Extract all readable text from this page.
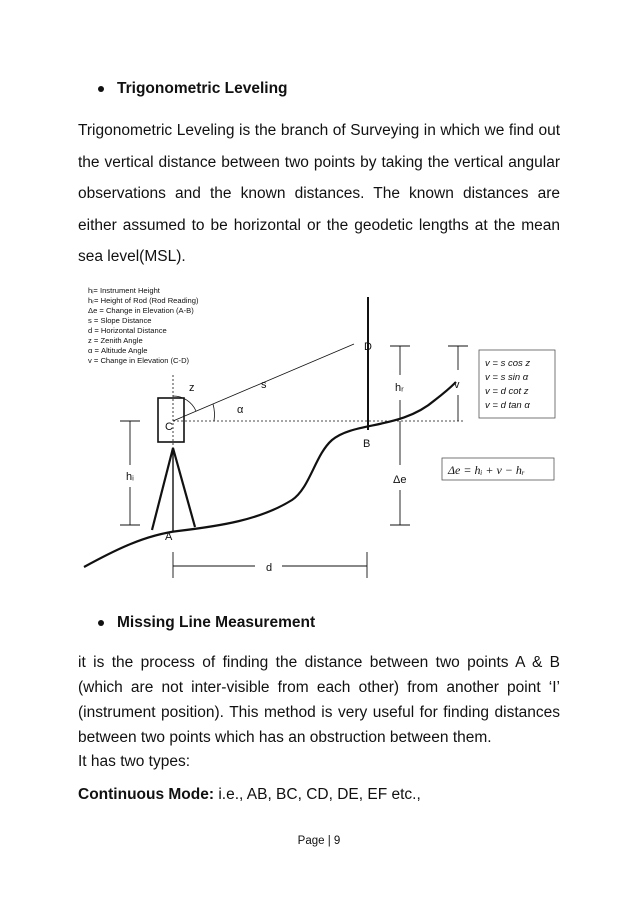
Trigonometric Leveling

Trigonometric Leveling is the branch of Surveying in which we find out the vertical distance between two points by taking the vertical angular observations and the known distances. The known distances are either assumed to be horizontal or the geodetic lengths at the mean sea level(MSL).

hᵢ= Instrument Height
hᵣ= Height of Rod (Rod Reading)
Δe = Change in Elevation (A-B)
s = Slope Distance
d = Horizontal Distance
z = Zenith Angle
α = Altitude Angle
v = Change in Elevation (C-D)
z	s
α
C
D
B
A
hᵢ
hᵣ	v
Δe
d
v = s cos z
v = s sin α
v = d cot z
v = d tan α
Δe = hᵢ + v − hᵣ
Missing Line Measurement
it is the process of finding the distance between two points A & B (which are not inter-visible from each other) from another point ‘I’ (instrument position). This method is very useful for finding distances between two points which has an obstruction between them.
It has two types:
Continuous Mode: i.e., AB, BC, CD, DE, EF etc.,
Page | 9
